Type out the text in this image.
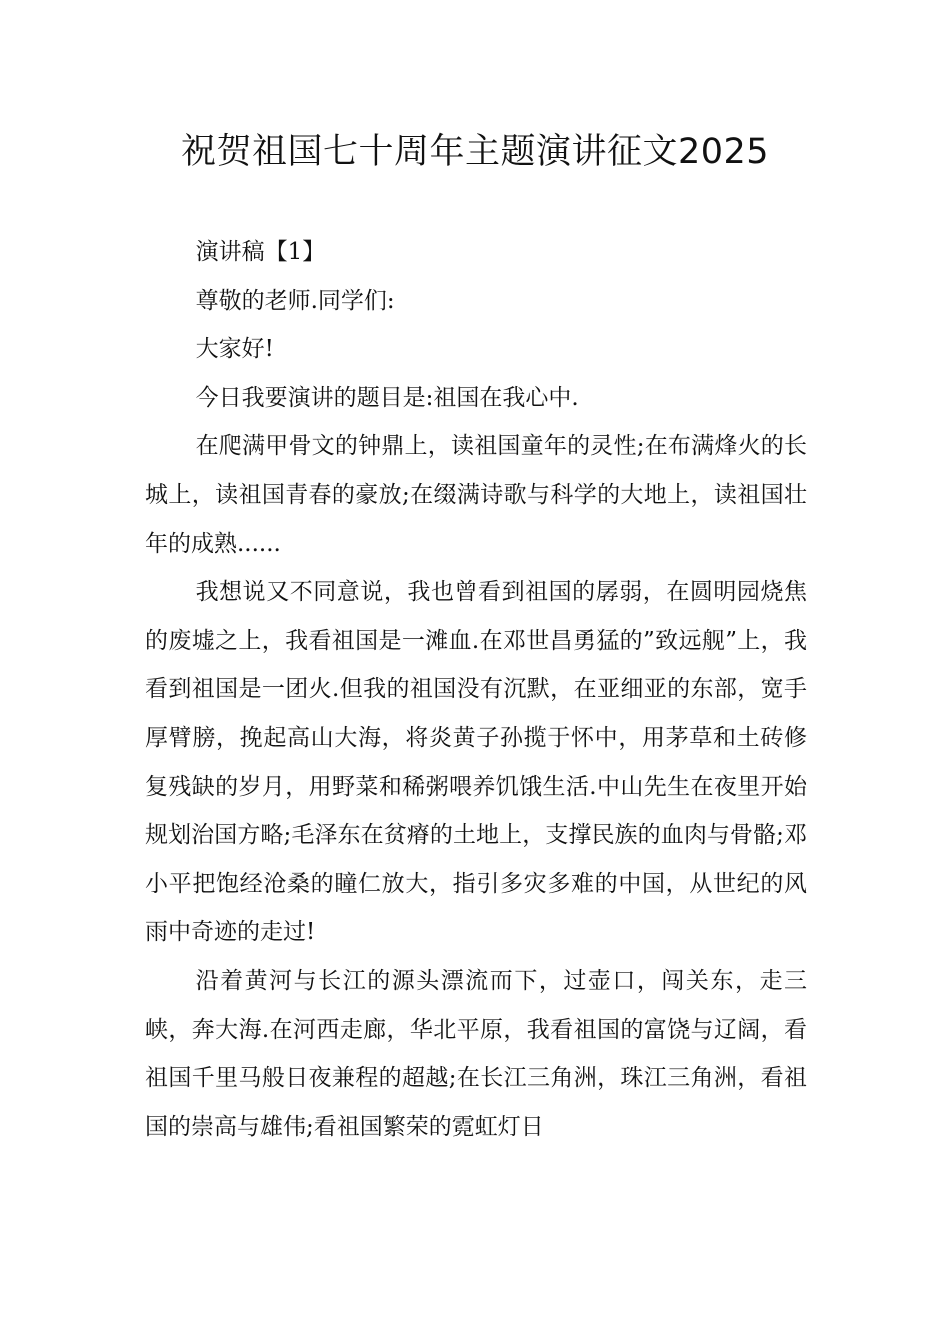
祝贺祖国七十周年主题演讲征文2025

演讲稿【1】

尊敬的老师.同学们:

大家好!

今日我要演讲的题目是:祖国在我心中.

在爬满甲骨文的钟鼎上，读祖国童年的灵性;在布满烽火的长城上，读祖国青春的豪放;在缀满诗歌与科学的大地上，读祖国壮年的成熟......

我想说又不同意说，我也曾看到祖国的孱弱，在圆明园烧焦的废墟之上，我看祖国是一滩血.在邓世昌勇猛的”致远舰”上，我看到祖国是一团火.但我的祖国没有沉默，在亚细亚的东部，宽手厚臂膀，挽起高山大海，将炎黄子孙揽于怀中，用茅草和土砖修复残缺的岁月，用野菜和稀粥喂养饥饿生活.中山先生在夜里开始规划治国方略;毛泽东在贫瘠的土地上，支撑民族的血肉与骨骼;邓小平把饱经沧桑的瞳仁放大，指引多灾多难的中国，从世纪的风雨中奇迹的走过!

沿着黄河与长江的源头漂流而下，过壶口，闯关东，走三峡，奔大海.在河西走廊，华北平原，我看祖国的富饶与辽阔，看祖国千里马般日夜兼程的超越;在长江三角洲，珠江三角洲，看祖国的崇高与雄伟;看祖国繁荣的霓虹灯日
